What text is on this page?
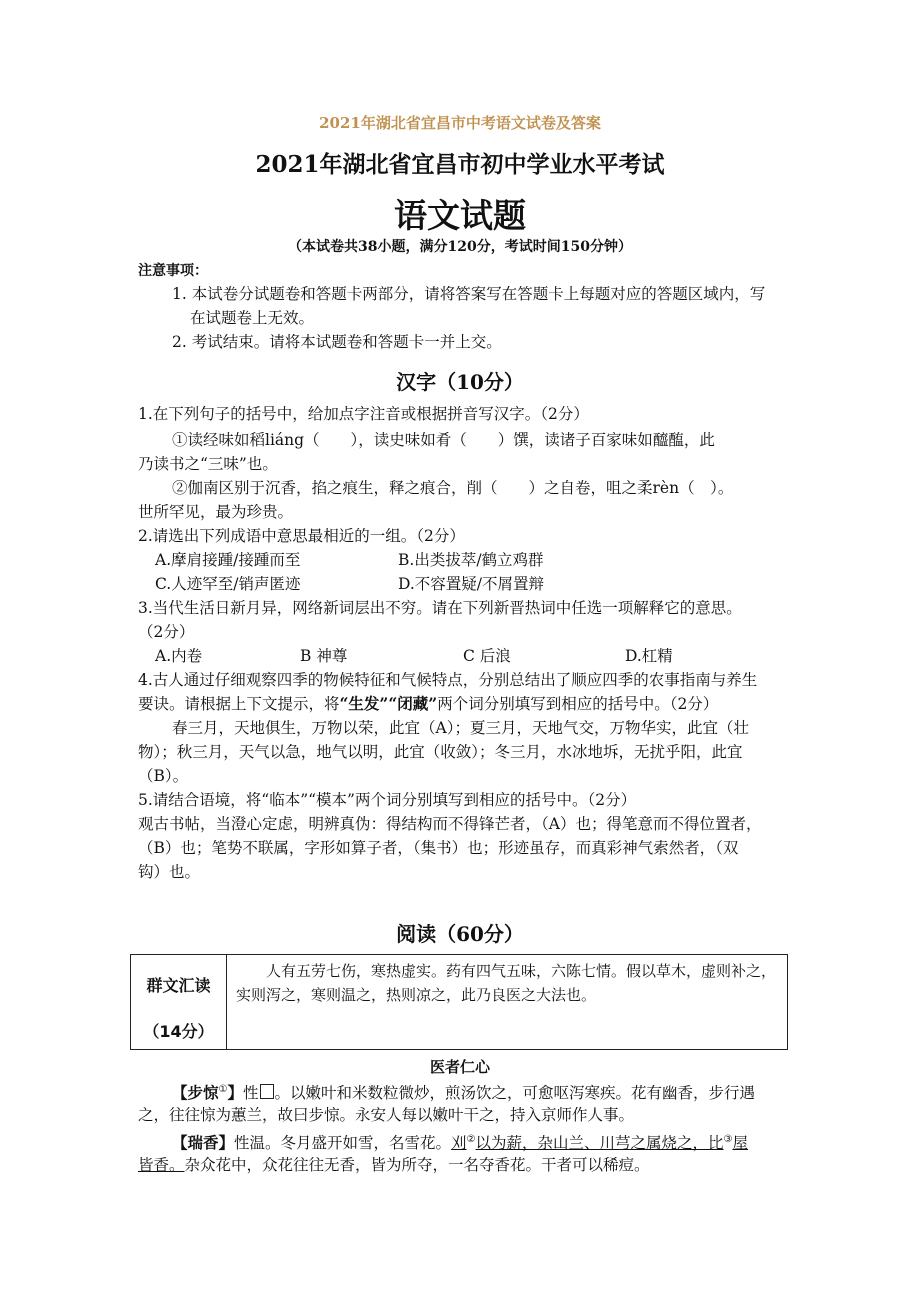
2021年湖北省宜昌市中考语文试卷及答案
2021年湖北省宜昌市初中学业水平考试
语文试题
（本试卷共38小题，满分120分，考试时间150分钟）
注意事项：
1. 本试卷分试题卷和答题卡两部分，请将答案写在答题卡上每题对应的答题区域内，写
在试题卷上无效。
2. 考试结束。请将本试题卷和答题卡一并上交。
汉字（10分）
1.在下列句子的括号中，给加点字注音或根据拼音写汉字。（2分）
①读经味如稻liáng（　　），读史味如肴（　　）馔，读诸子百家味如醯醢，此
乃读书之“三味”也。
②伽南区别于沉香，掐之痕生，释之痕合，削（　　）之自卷，咀之柔rèn（　）。
世所罕见，最为珍贵。
2.请选出下列成语中意思最相近的一组。（2分）
A.摩肩接踵/接踵而至	B.出类拔萃/鹤立鸡群
C.人迹罕至/销声匿迹	D.不容置疑/不屑置辩
3.当代生活日新月异，网络新词层出不穷。请在下列新晋热词中任选一项解释它的意思。
（2分）
A.内卷	B 神尊	C 后浪	D.杠精
4.古人通过仔细观察四季的物候特征和气候特点，分别总结出了顺应四季的农事指南与养生
要诀。请根据上下文提示，将“生发”“闭藏”两个词分别填写到相应的括号中。（2分）
春三月，天地俱生，万物以荣，此宜（A）；夏三月，天地气交，万物华实，此宜（壮
物）；秋三月，天气以急，地气以明，此宜（收敛）；冬三月，水冰地坼，无扰乎阳，此宜
（B）。
5.请结合语境，将“临本”“模本”两个词分别填写到相应的括号中。（2分）
观古书帖，当澄心定虑，明辨真伪：得结构而不得锋芒者，（A）也；得笔意而不得位置者，
（B）也；笔势不联属，字形如算子者，（集书）也；形迹虽存，而真彩神气索然者，（双
钩）也。
阅读（60分）
群文汇读
（14分）
　　人有五劳七伤，寒热虚实。药有四气五味，六陈七情。假以草木，虚则补之，实则泻之，寒则温之，热则凉之，此乃良医之大法也。
医者仁心
【步惊①】性 。以嫩叶和米数粒微炒，煎汤饮之，可愈呕泻寒疾。花有幽香，步行遇
之，往往惊为蕙兰，故曰步惊。永安人每以嫩叶干之，持入京师作人事。
【瑞香】性温。冬月盛开如雪，名雪花。刈②以为薪，杂山兰、川芎之属烧之，比③屋
皆香。杂众花中，众花往往无香，皆为所夺，一名夺香花。干者可以稀痘。
